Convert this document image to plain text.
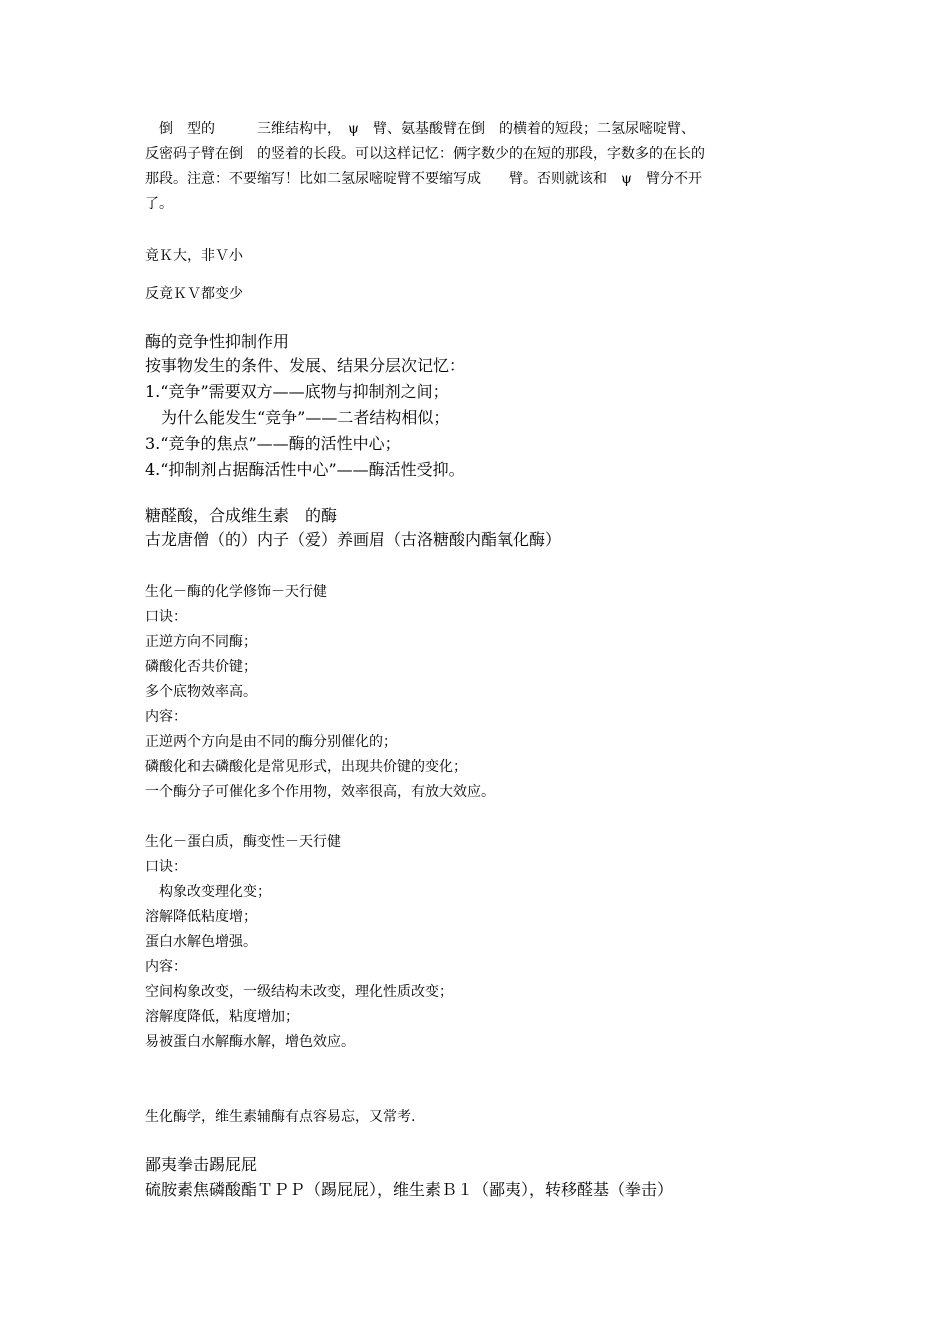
　倒　型的　　　三维结构中，　ψ　臂、氨基酸臂在倒　的横着的短段；二氢尿嘧啶臂、
反密码子臂在倒　的竖着的长段。可以这样记忆：俩字数少的在短的那段，字数多的在长的
那段。注意：不要缩写！比如二氢尿嘧啶臂不要缩写成　　臂。否则就该和　ψ　臂分不开
了。
竟Ｋ大，非Ｖ小
反竟ＫＶ都变少
酶的竞争性抑制作用
按事物发生的条件、发展、结果分层次记忆：
1.“竞争”需要双方——底物与抑制剂之间；
　为什么能发生“竞争”——二者结构相似；
3.“竞争的焦点”——酶的活性中心；
4.“抑制剂占据酶活性中心”——酶活性受抑。
糖醛酸，合成维生素　的酶
古龙唐僧（的）内子（爱）养画眉（古洛糖酸内酯氧化酶）
生化－酶的化学修饰－天行健
口诀：
正逆方向不同酶；
磷酸化否共价键；
多个底物效率高。
内容：
正逆两个方向是由不同的酶分别催化的；
磷酸化和去磷酸化是常见形式，出现共价键的变化；
一个酶分子可催化多个作用物，效率很高，有放大效应。
生化－蛋白质，酶变性－天行健
口诀：
　构象改变理化变；
溶解降低粘度增；
蛋白水解色增强。
内容：
空间构象改变，一级结构未改变，理化性质改变；
溶解度降低，粘度增加；
易被蛋白水解酶水解，增色效应。
生化酶学，维生素辅酶有点容易忘，又常考.
鄙夷拳击踢屁屁
硫胺素焦磷酸酯ＴＰＰ（踢屁屁），维生素Ｂ１（鄙夷），转移醛基（拳击）
